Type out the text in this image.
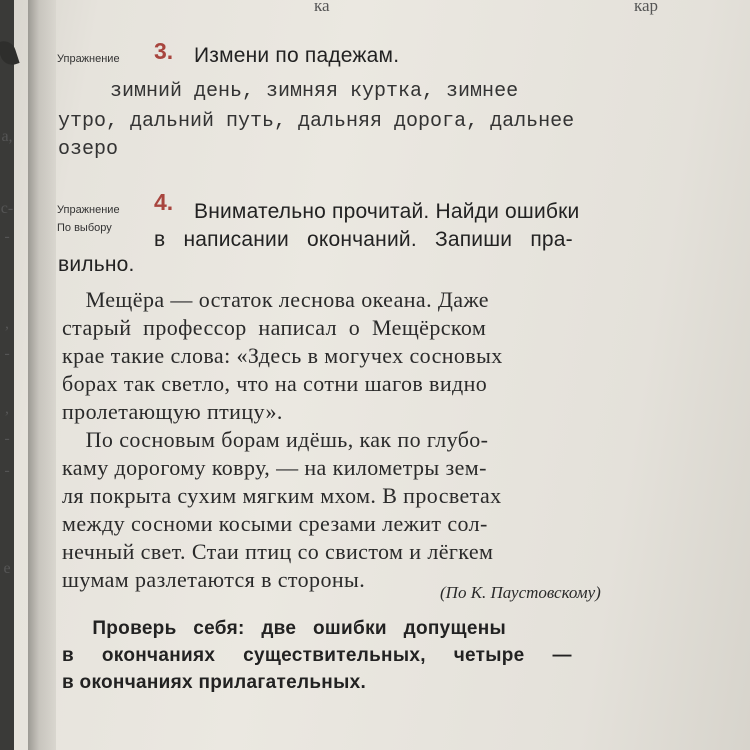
ка	кар
Упражнение 3. Измени по падежам.
зимний день, зимняя куртка, зимнее
утро, дальний путь, дальняя дорога, дальнее
озеро
Упражнение
По выбору
4. Внимательно прочитай. Найди ошибки
в   написании   окончаний.   Запиши   пра-
вильно.
Мещёра — остаток леснова океана. Даже
старый  профессор  написал  о  Мещёрском
крае такие слова: «Здесь в могучех сосновых
борах так светло, что на сотни шагов видно
пролетающую птицу».
По сосновым борам идёшь, как по глубо-
каму дорогому ковру, — на километры зем-
ля покрыта сухим мягким мхом. В просветах
между сосноми косыми срезами лежит сол-
нечный свет. Стаи птиц со свистом и лёгкем
шумам разлетаются в стороны.
(По К. Паустовскому)
Проверь   себя:   две   ошибки   допущены
в     окончаниях     существительных,     четыре     —
в окончаниях прилагательных.
а,
с-
-
,
-
,
-
-
е
